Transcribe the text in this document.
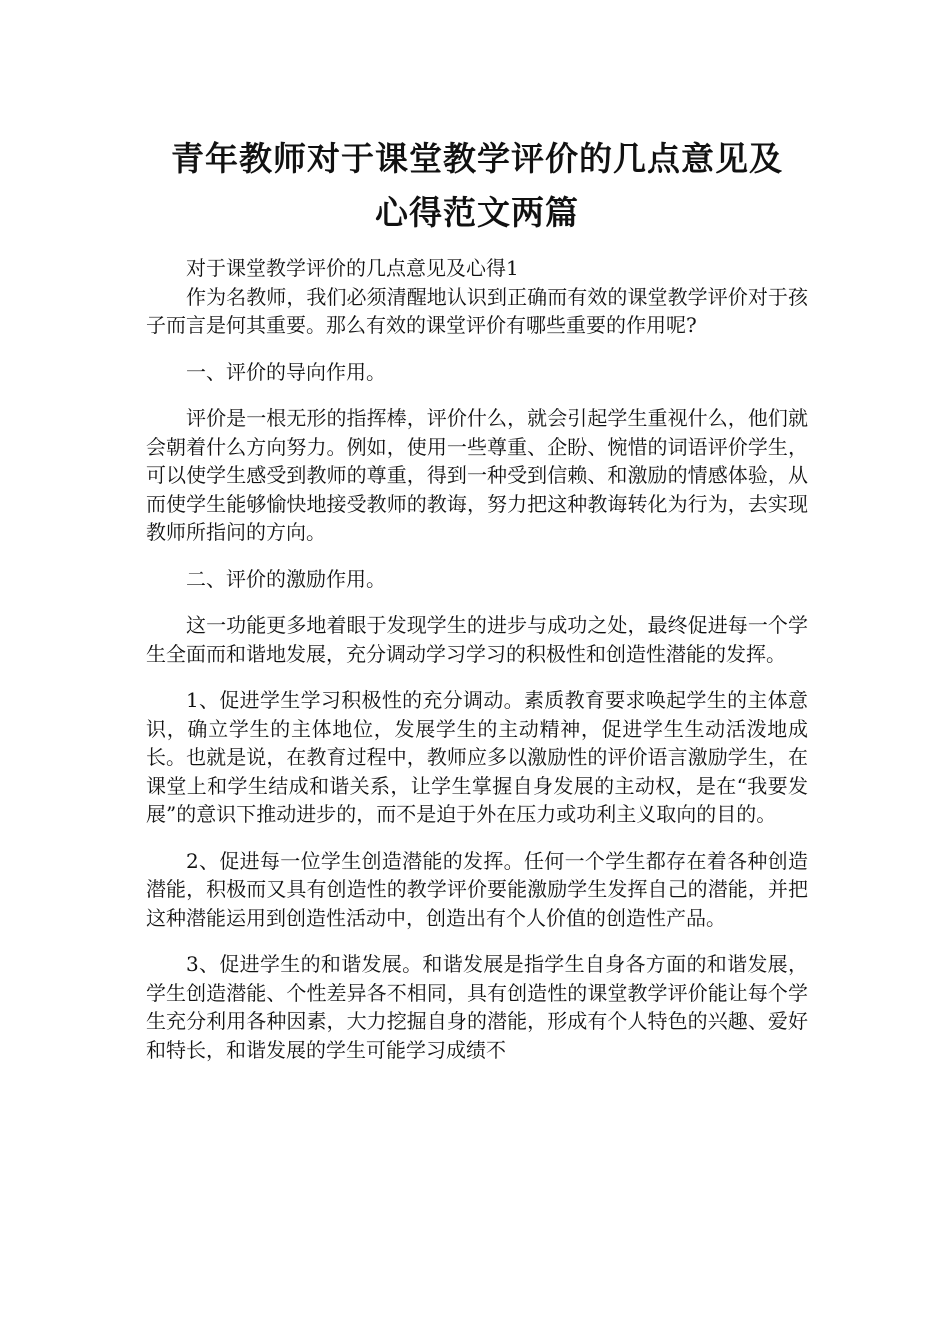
青年教师对于课堂教学评价的几点意见及
心得范文两篇

对于课堂教学评价的几点意见及心得1

作为名教师，我们必须清醒地认识到正确而有效的课堂教学评价对于孩子而言是何其重要。那么有效的课堂评价有哪些重要的作用呢?

一、评价的导向作用。

评价是一根无形的指挥棒，评价什么，就会引起学生重视什么，他们就会朝着什么方向努力。例如，使用一些尊重、企盼、惋惜的词语评价学生，可以使学生感受到教师的尊重，得到一种受到信赖、和激励的情感体验，从而使学生能够愉快地接受教师的教诲，努力把这种教诲转化为行为，去实现教师所指问的方向。

二、评价的激励作用。

这一功能更多地着眼于发现学生的进步与成功之处，最终促进每一个学生全面而和谐地发展，充分调动学习学习的积极性和创造性潜能的发挥。

1、促进学生学习积极性的充分调动。素质教育要求唤起学生的主体意识，确立学生的主体地位，发展学生的主动精神，促进学生生动活泼地成长。也就是说，在教育过程中，教师应多以激励性的评价语言激励学生，在课堂上和学生结成和谐关系，让学生掌握自身发展的主动权，是在“我要发展”的意识下推动进步的，而不是迫于外在压力或功利主义取向的目的。

2、促进每一位学生创造潜能的发挥。任何一个学生都存在着各种创造潜能，积极而又具有创造性的教学评价要能激励学生发挥自己的潜能，并把这种潜能运用到创造性活动中，创造出有个人价值的创造性产品。

3、促进学生的和谐发展。和谐发展是指学生自身各方面的和谐发展，学生创造潜能、个性差异各不相同，具有创造性的课堂教学评价能让每个学生充分利用各种因素，大力挖掘自身的潜能，形成有个人特色的兴趣、爱好和特长，和谐发展的学生可能学习成绩不
